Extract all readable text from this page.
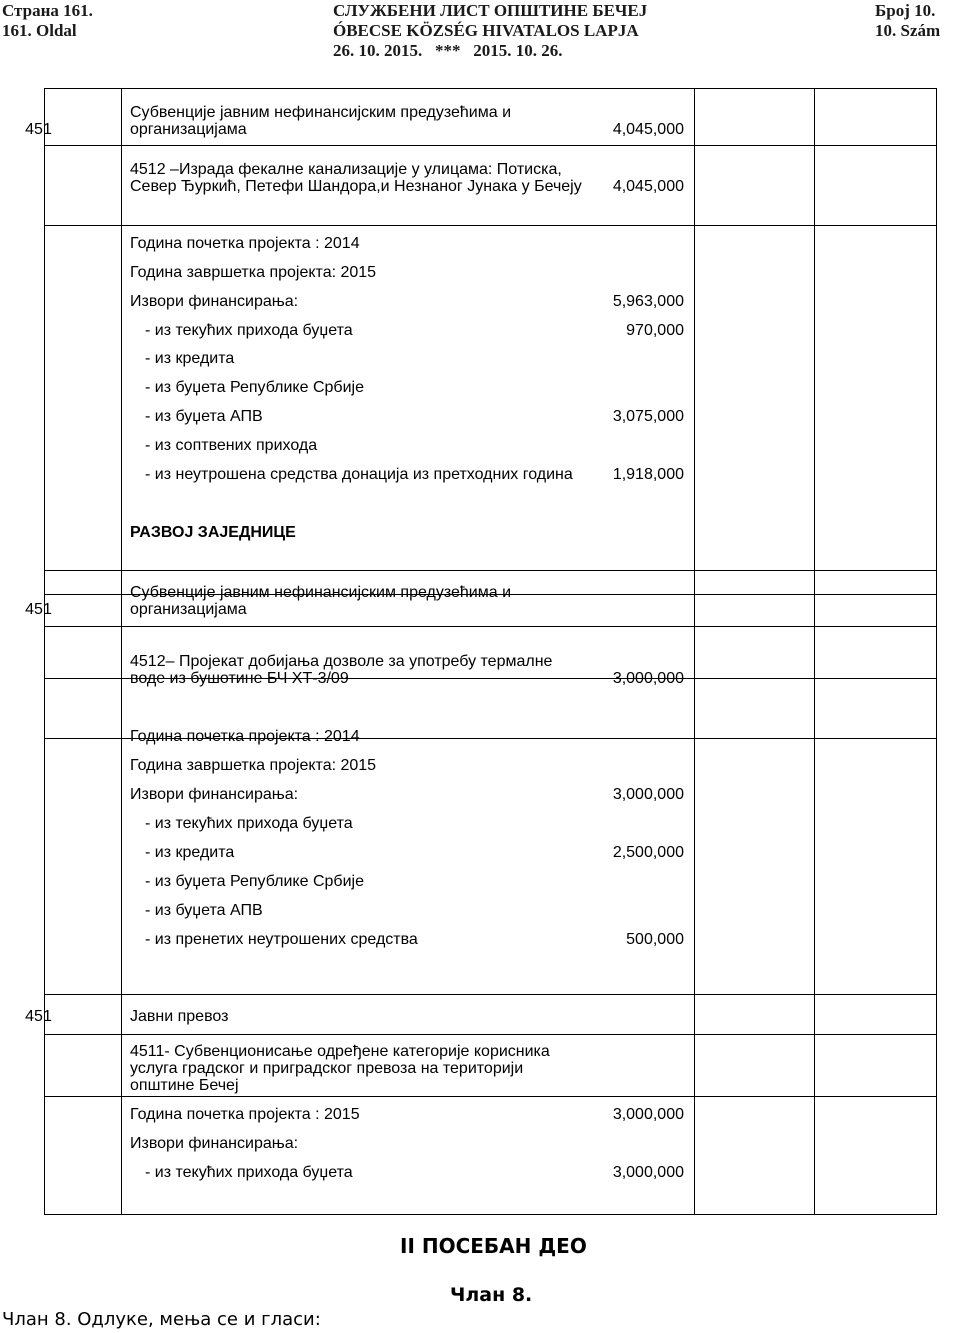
Страна 161.
161. Oldal
СЛУЖБЕНИ ЛИСТ ОПШТИНЕ БЕЧЕЈ
ÓBECSE KÖZSÉG HIVATALOS LAPJA
26. 10. 2015.   ***   2015. 10. 26.
Број 10.
10. Szám

451
Субвенције јавним нефинансијским предузећима и
организацијама	4,045,000
4512 –Израда фекалне канализације у улицама: Потиска,
Север Ђуркић, Петефи Шандора,и Незнаног Јунака у Бечеју	4,045,000
Година почетка пројекта : 2014
Година завршетка пројекта: 2015
Извори финансирања:	5,963,000
- из текућих прихода буџета	970,000
- из кредита
- из буџета Републике Србије
- из буџета АПВ	3,075,000
- из соптвених прихода
- из неутрошена средства донација из претходних година	1,918,000
РАЗВОЈ ЗАЈЕДНИЦЕ
451
Субвенције јавним нефинансијским предузећима и
организацијама
4512– Пројекат добијања дозволе за употребу термалне
воде из бушотине БЧ ХТ-3/09	3,000,000
Година почетка пројекта : 2014
Година завршетка пројекта: 2015
Извори финансирања:	3,000,000
- из текућих прихода буџета
- из кредита	2,500,000
- из буџета Републике Србије
- из буџета АПВ
- из пренетих неутрошених средства	500,000
451	Јавни превоз
4511- Субвенционисање одређене категорије корисника
услуга градског и приградског превоза на територији
општине Бечеј
Година почетка пројекта : 2015	3,000,000
Извори финансирања:
- из текућих прихода буџета	3,000,000
II ПОСЕБАН ДЕО
Члан 8.
Члан 8. Одлуке, мења се и гласи:
